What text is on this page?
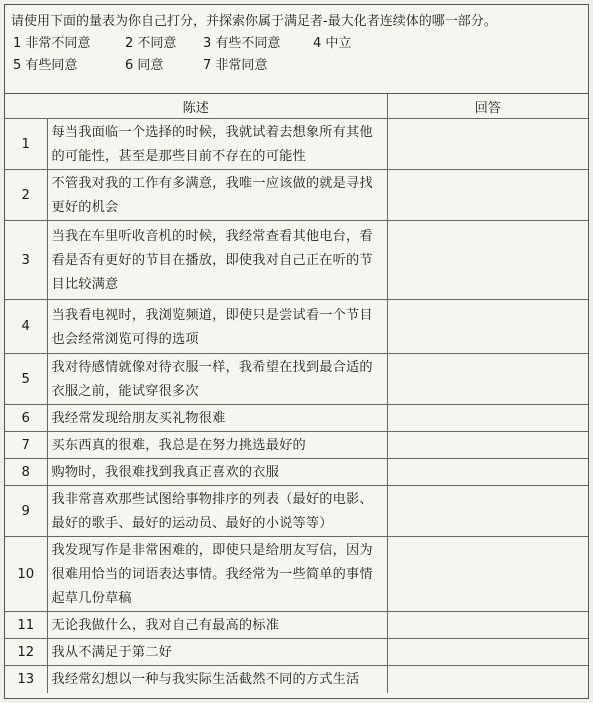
请使用下面的量表为你自己打分，并探索你属于满足者-最大化者连续体的哪一部分。
1 非常不同意	2 不同意	3 有些不同意	4 中立
5 有些同意	6 同意	7 非常同意
陈述		回答
1	每当我面临一个选择的时候，我就试着去想象所有其他的可能性，甚至是那些目前不存在的可能性	
2	不管我对我的工作有多满意，我唯一应该做的就是寻找更好的机会	
3	当我在车里听收音机的时候，我经常查看其他电台，看看是否有更好的节目在播放，即使我对自己正在听的节目比较满意	
4	当我看电视时，我浏览频道，即使只是尝试看一个节目也会经常浏览可得的选项	
5	我对待感情就像对待衣服一样，我希望在找到最合适的衣服之前，能试穿很多次	
6	我经常发现给朋友买礼物很难	
7	买东西真的很难，我总是在努力挑选最好的	
8	购物时，我很难找到我真正喜欢的衣服	
9	我非常喜欢那些试图给事物排序的列表（最好的电影、最好的歌手、最好的运动员、最好的小说等等）	
10	我发现写作是非常困难的，即使只是给朋友写信，因为很难用恰当的词语表达事情。我经常为一些简单的事情起草几份草稿	
11	无论我做什么，我对自己有最高的标准	
12	我从不满足于第二好	
13	我经常幻想以一种与我实际生活截然不同的方式生活	
